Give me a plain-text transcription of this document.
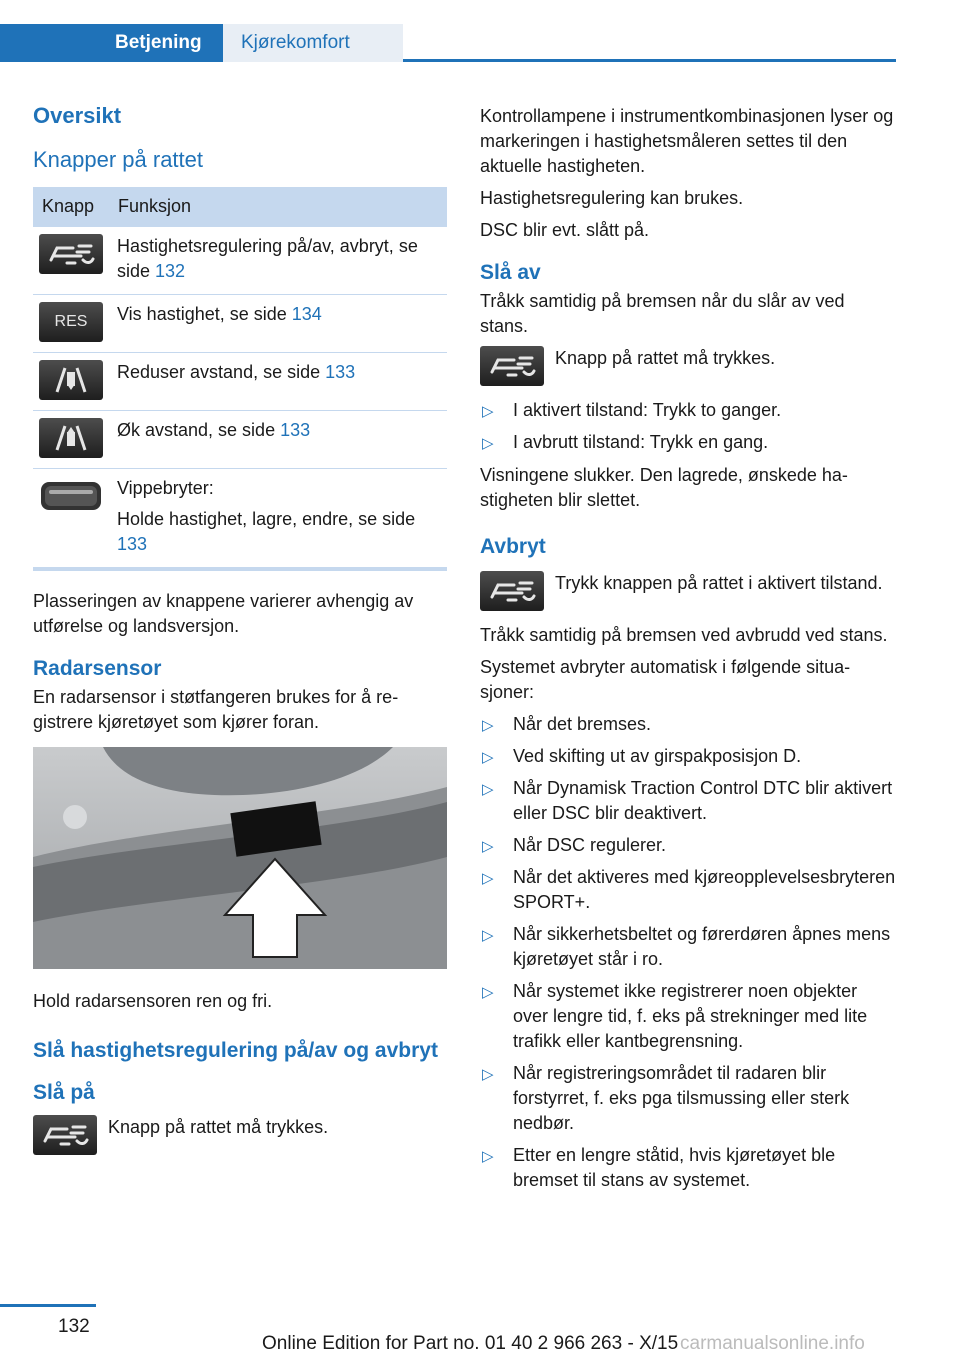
Betjening	Kjørekomfort
Oversikt
Knapper på rattet
Knapp	Funksjon

	Hastighetsregulering på/av, avbryt, se side 132

RES	Vis hastighet, se side 134

	Reduser avstand, se side 133

	Øk avstand, se side 133

Vippebryter:

Holde hastighet, lagre, endre, se side 133

Plasseringen av knappene varierer avhengig av utførelse og landsversjon.

Radarsensor

En radarsensor i støtfangeren brukes for å registrere kjøretøyet som kjører foran.

Hold radarsensoren ren og fri.

Slå hastighetsregulering på/av og avbryt
Slå på

Knapp på rattet må trykkes.

Kontrollampene i instrumentkombinasjonen lyser og markeringen i hastighetsmåleren settes til den aktuelle hastigheten.

Hastighetsregulering kan brukes.

DSC blir evt. slått på.

Slå av

Tråkk samtidig på bremsen når du slår av ved stans.

Knapp på rattet må trykkes.

▷ I aktivert tilstand: Trykk to ganger.
▷ I avbrutt tilstand: Trykk en gang.

Visningene slukker. Den lagrede, ønskede hastigheten blir slettet.

Avbryt

Trykk knappen på rattet i aktivert tilstand.

Tråkk samtidig på bremsen ved avbrudd ved stans.

Systemet avbryter automatisk i følgende situasjoner:

▷ Når det bremses.
▷ Ved skifting ut av girspakposisjon D.
▷ Når Dynamisk Traction Control DTC blir aktivert eller DSC blir deaktivert.
▷ Når DSC regulerer.
▷ Når det aktiveres med kjøreopplevelsesbryteren SPORT+.
▷ Når sikkerhetsbeltet og førerdøren åpnes mens kjøretøyet står i ro.
▷ Når systemet ikke registrerer noen objekter over lengre tid, f. eks på strekninger med lite trafikk eller kantbegrensning.
▷ Når registreringsområdet til radaren blir forstyrret, f. eks pga tilsmussing eller sterk nedbør.
▷ Etter en lengre ståtid, hvis kjøretøyet ble bremset til stans av systemet.
132
Online Edition for Part no. 01 40 2 966 263 - X/15 carmanualsonline.info
